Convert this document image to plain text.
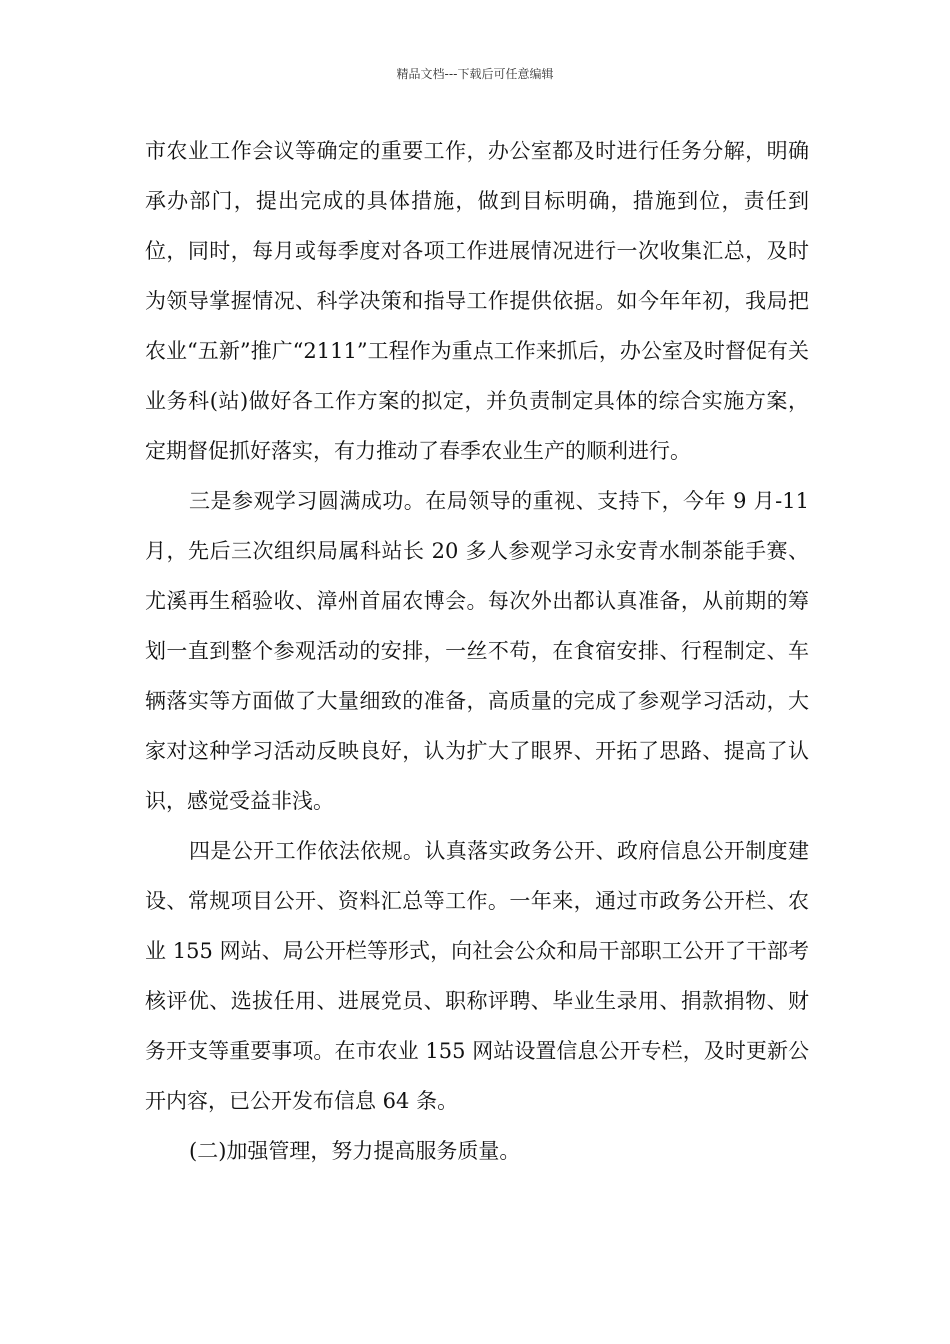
精品文档---下载后可任意编辑

市农业工作会议等确定的重要工作，办公室都及时进行任务分解，明确承办部门，提出完成的具体措施，做到目标明确，措施到位，责任到位，同时，每月或每季度对各项工作进展情况进行一次收集汇总，及时为领导掌握情况、科学决策和指导工作提供依据。如今年年初，我局把农业“五新”推广“2111”工程作为重点工作来抓后，办公室及时督促有关业务科(站)做好各工作方案的拟定，并负责制定具体的综合实施方案，定期督促抓好落实，有力推动了春季农业生产的顺利进行。

三是参观学习圆满成功。在局领导的重视、支持下，今年 9 月-11 月，先后三次组织局属科站长 20 多人参观学习永安青水制茶能手赛、尤溪再生稻验收、漳州首届农博会。每次外出都认真准备，从前期的筹划一直到整个参观活动的安排，一丝不苟，在食宿安排、行程制定、车辆落实等方面做了大量细致的准备，高质量的完成了参观学习活动，大家对这种学习活动反映良好，认为扩大了眼界、开拓了思路、提高了认识，感觉受益非浅。

四是公开工作依法依规。认真落实政务公开、政府信息公开制度建设、常规项目公开、资料汇总等工作。一年来，通过市政务公开栏、农业 155 网站、局公开栏等形式，向社会公众和局干部职工公开了干部考核评优、选拔任用、进展党员、职称评聘、毕业生录用、捐款捐物、财务开支等重要事项。在市农业 155 网站设置信息公开专栏，及时更新公开内容，已公开发布信息 64 条。

(二)加强管理，努力提高服务质量。
